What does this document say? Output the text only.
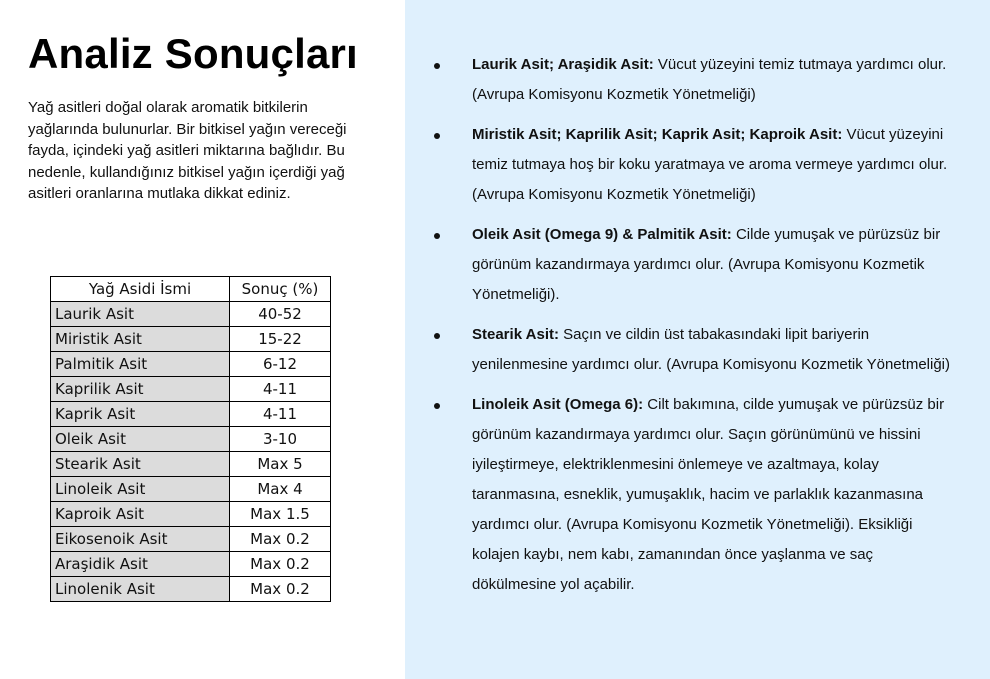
Analiz Sonuçları

Yağ asitleri doğal olarak aromatik bitkilerin yağlarında bulunurlar. Bir bitkisel yağın vereceği fayda, içindeki yağ asitleri miktarına bağlıdır. Bu nedenle, kullandığınız bitkisel yağın içerdiği yağ asitleri oranlarına mutlaka dikkat ediniz.

Yağ Asidi İsmi	Sonuç (%)
Laurik Asit	40-52
Miristik Asit	15-22
Palmitik Asit	6-12
Kaprilik Asit	4-11
Kaprik Asit	4-11
Oleik Asit	3-10
Stearik Asit	Max 5
Linoleik Asit	Max 4
Kaproik Asit	Max 1.5
Eikosenoik Asit	Max 0.2
Araşidik Asit	Max 0.2
Linolenik Asit	Max 0.2
Laurik Asit; Araşidik Asit: Vücut yüzeyini temiz tutmaya yardımcı olur. (Avrupa Komisyonu Kozmetik Yönetmeliği)
Miristik Asit; Kaprilik Asit; Kaprik Asit; Kaproik Asit: Vücut yüzeyini temiz tutmaya hoş bir koku yaratmaya ve aroma vermeye yardımcı olur. (Avrupa Komisyonu Kozmetik Yönetmeliği)
Oleik Asit (Omega 9) & Palmitik Asit: Cilde yumuşak ve pürüzsüz bir görünüm kazandırmaya yardımcı olur. (Avrupa Komisyonu Kozmetik Yönetmeliği).
Stearik Asit: Saçın ve cildin üst tabakasındaki lipit bariyerin yenilenmesine yardımcı olur. (Avrupa Komisyonu Kozmetik Yönetmeliği)
Linoleik Asit (Omega 6): Cilt bakımına, cilde yumuşak ve pürüzsüz bir görünüm kazandırmaya yardımcı olur. Saçın görünümünü ve hissini iyileştirmeye, elektriklenmesini önlemeye ve azaltmaya, kolay taranmasına, esneklik, yumuşaklık, hacim ve parlaklık kazanmasına yardımcı olur. (Avrupa Komisyonu Kozmetik Yönetmeliği). Eksikliği kolajen kaybı, nem kabı, zamanından önce yaşlanma ve saç dökülmesine yol açabilir.
